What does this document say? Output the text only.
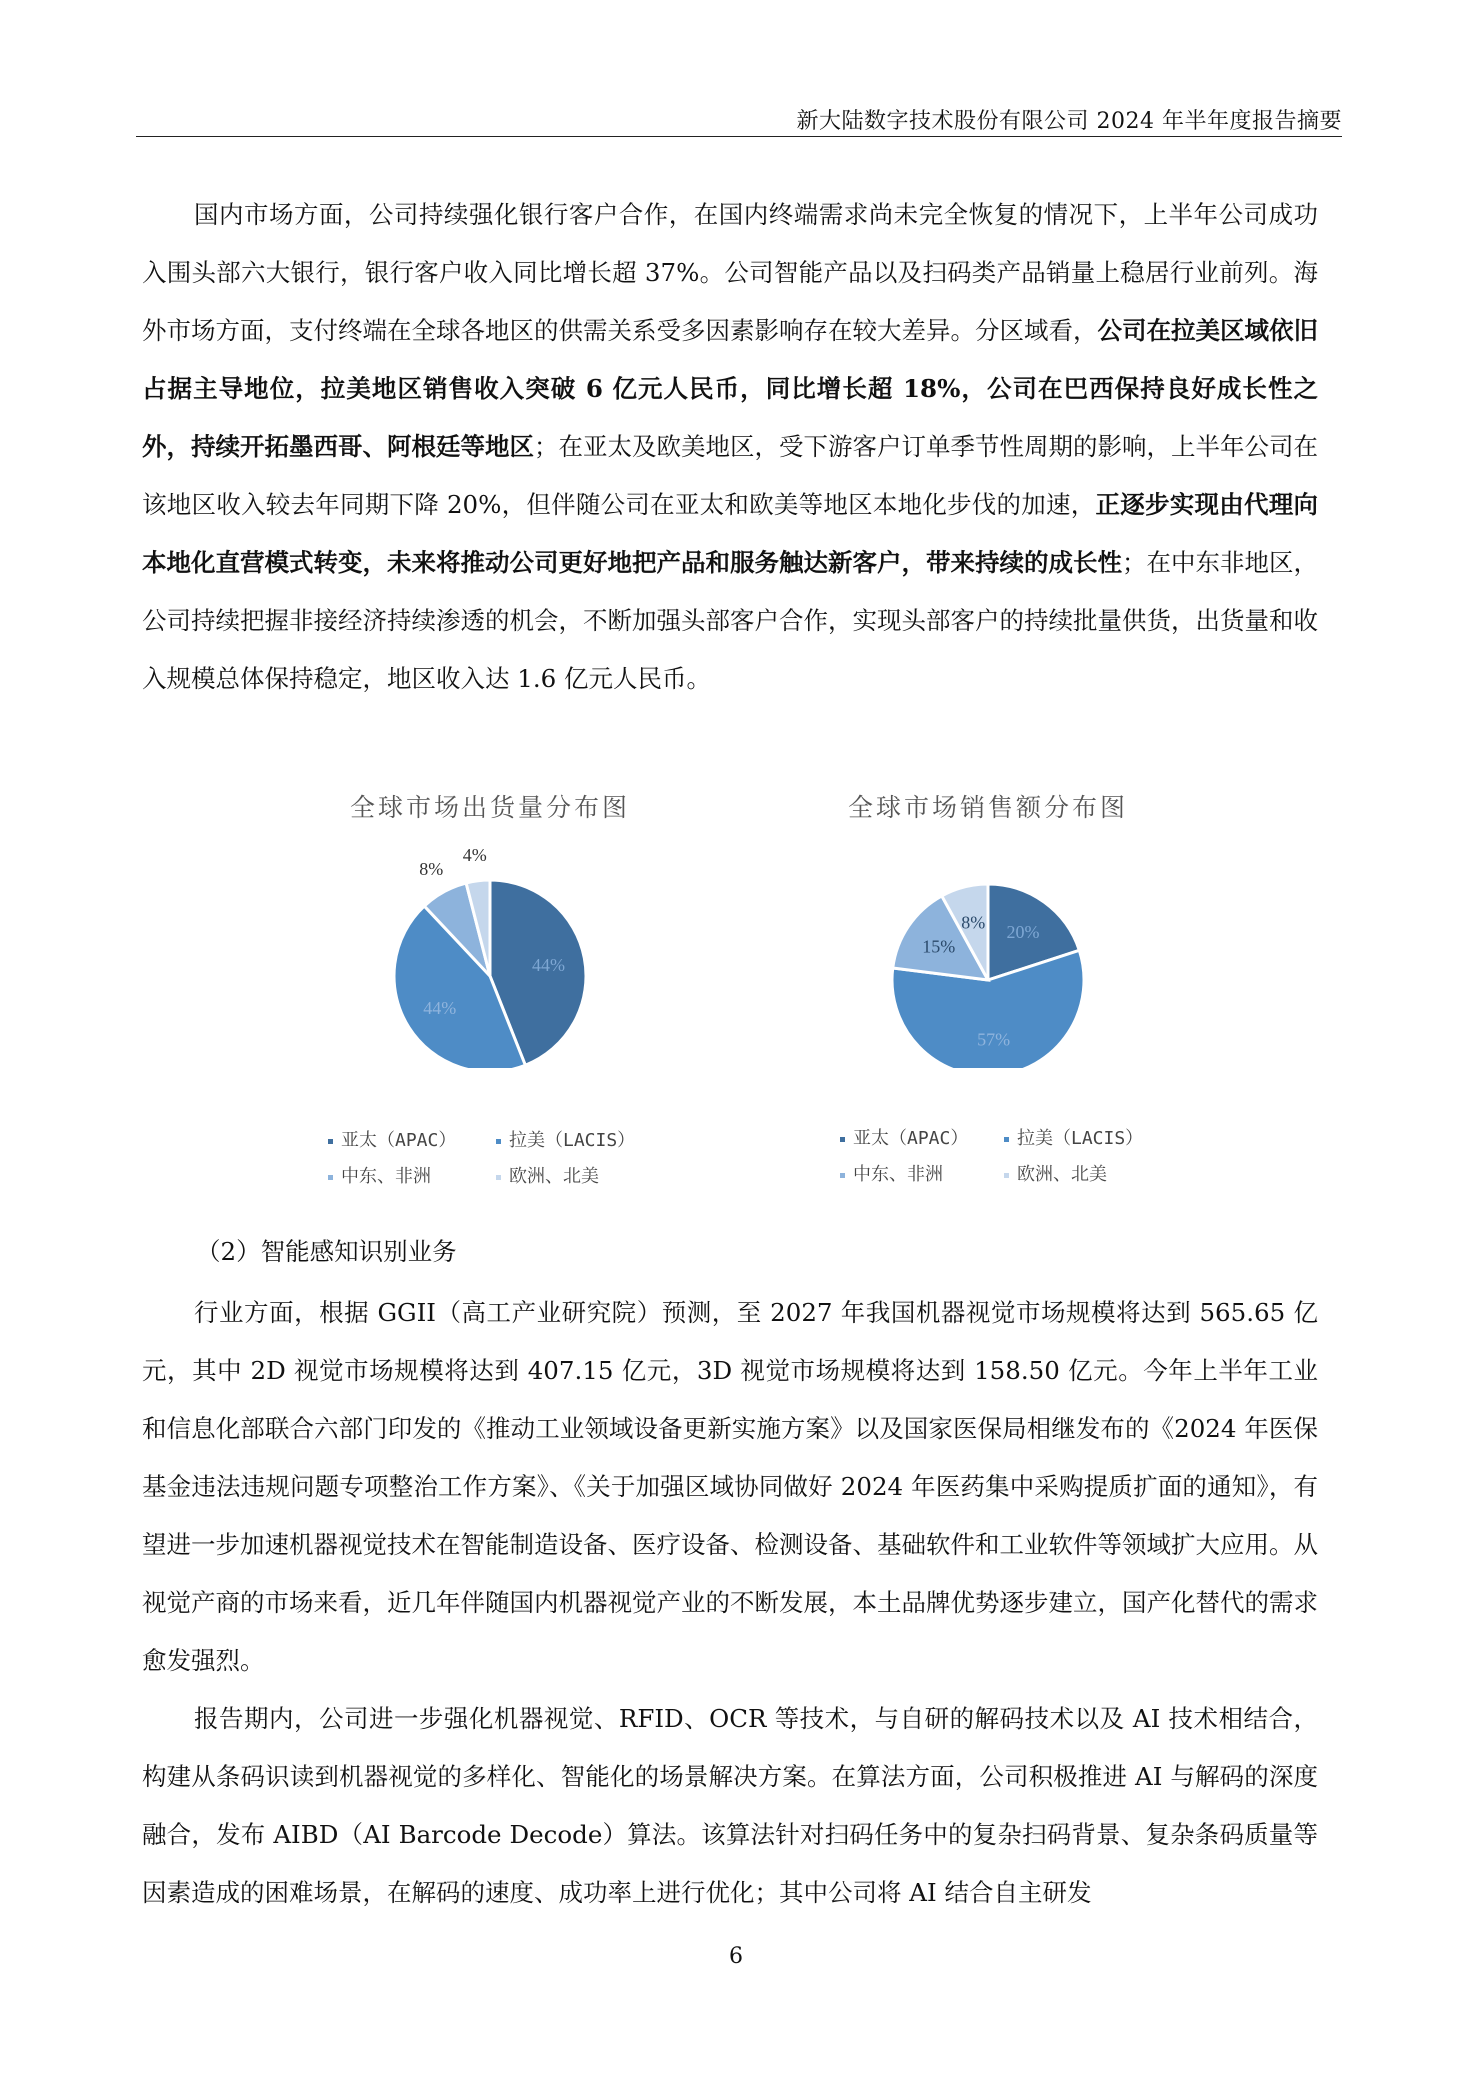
新大陆数字技术股份有限公司 2024 年半年度报告摘要

国内市场方面，公司持续强化银行客户合作，在国内终端需求尚未完全恢复的情况下，上半年公司成功入围头部六大银行，银行客户收入同比增长超 37%。公司智能产品以及扫码类产品销量上稳居行业前列。海外市场方面，支付终端在全球各地区的供需关系受多因素影响存在较大差异。分区域看，公司在拉美区域依旧占据主导地位，拉美地区销售收入突破 6 亿元人民币，同比增长超 18%，公司在巴西保持良好成长性之外，持续开拓墨西哥、阿根廷等地区；在亚太及欧美地区，受下游客户订单季节性周期的影响，上半年公司在该地区收入较去年同期下降 20%，但伴随公司在亚太和欧美等地区本地化步伐的加速，正逐步实现由代理向本地化直营模式转变，未来将推动公司更好地把产品和服务触达新客户，带来持续的成长性；在中东非地区，公司持续把握非接经济持续渗透的机会，不断加强头部客户合作，实现头部客户的持续批量供货，出货量和收入规模总体保持稳定，地区收入达 1.6 亿元人民币。

全球市场出货量分布图
44%
44%
8%
4%
亚太（APAC）	拉美（LACIS）
中东、非洲	欧洲、北美
全球市场销售额分布图
20%
57%
15%
8%
亚太（APAC）	拉美（LACIS）
中东、非洲	欧洲、北美

（2）智能感知识别业务

行业方面，根据 GGII（高工产业研究院）预测，至 2027 年我国机器视觉市场规模将达到 565.65 亿元，其中 2D 视觉市场规模将达到 407.15 亿元，3D 视觉市场规模将达到 158.50 亿元。今年上半年工业和信息化部联合六部门印发的《推动工业领域设备更新实施方案》以及国家医保局相继发布的《2024 年医保基金违法违规问题专项整治工作方案》、《关于加强区域协同做好 2024 年医药集中采购提质扩面的通知》，有望进一步加速机器视觉技术在智能制造设备、医疗设备、检测设备、基础软件和工业软件等领域扩大应用。从视觉产商的市场来看，近几年伴随国内机器视觉产业的不断发展，本土品牌优势逐步建立，国产化替代的需求愈发强烈。

报告期内，公司进一步强化机器视觉、RFID、OCR 等技术，与自研的解码技术以及 AI 技术相结合，构建从条码识读到机器视觉的多样化、智能化的场景解决方案。在算法方面，公司积极推进 AI 与解码的深度融合，发布 AIBD（AI Barcode Decode）算法。该算法针对扫码任务中的复杂扫码背景、复杂条码质量等因素造成的困难场景，在解码的速度、成功率上进行优化；其中公司将 AI 结合自主研发

6
